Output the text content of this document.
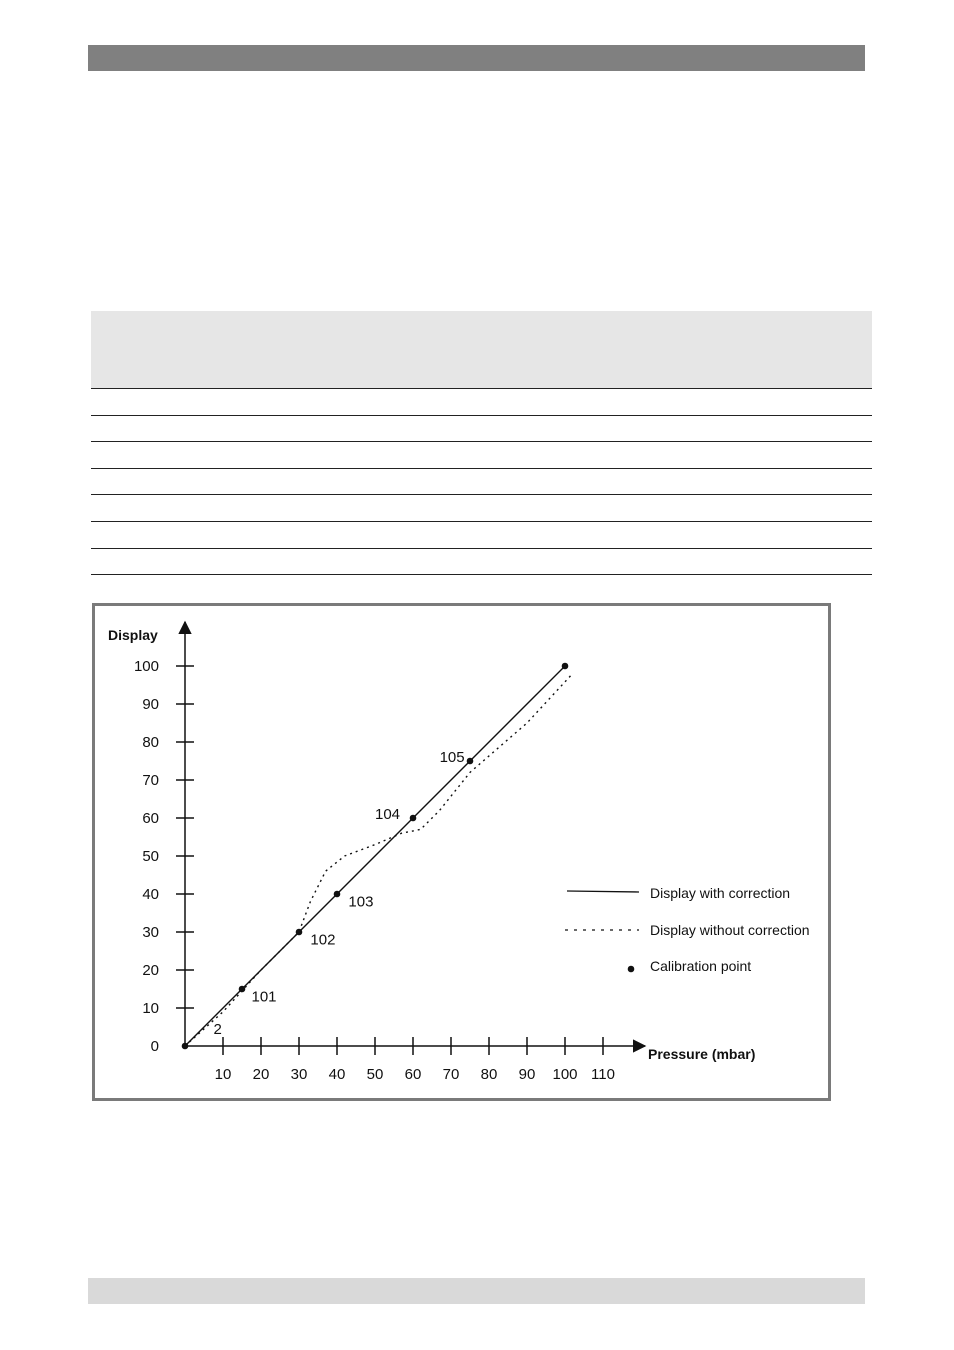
Display
Pressure (mbar)
10 20 30 40 50 60 70 80 90 100 110
0
10
20
30
40
50
60
70
80
90
100
2
101
102
103
104
105
Display with correction
Display without correction
Calibration point
